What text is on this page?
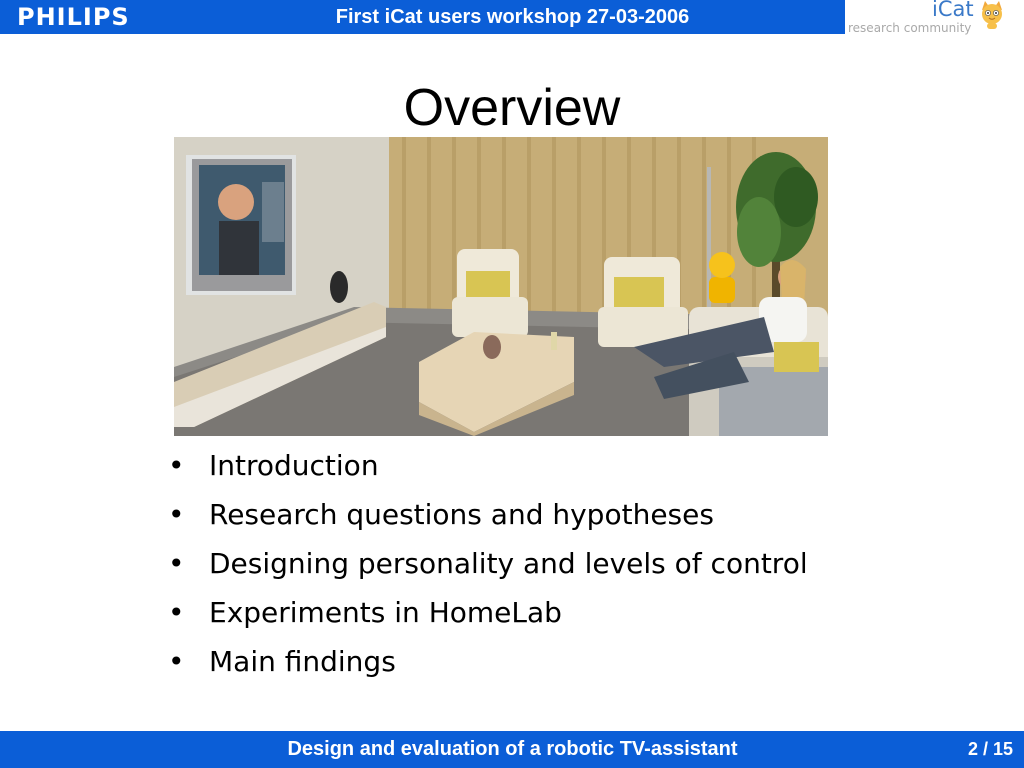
PHILIPS	First iCat users workshop 27-03-2006	iCat
research community
Overview
• Introduction
• Research questions and hypotheses
• Designing personality and levels of control
• Experiments in HomeLab
• Main findings
Design and evaluation of a robotic TV-assistant	2 / 15
